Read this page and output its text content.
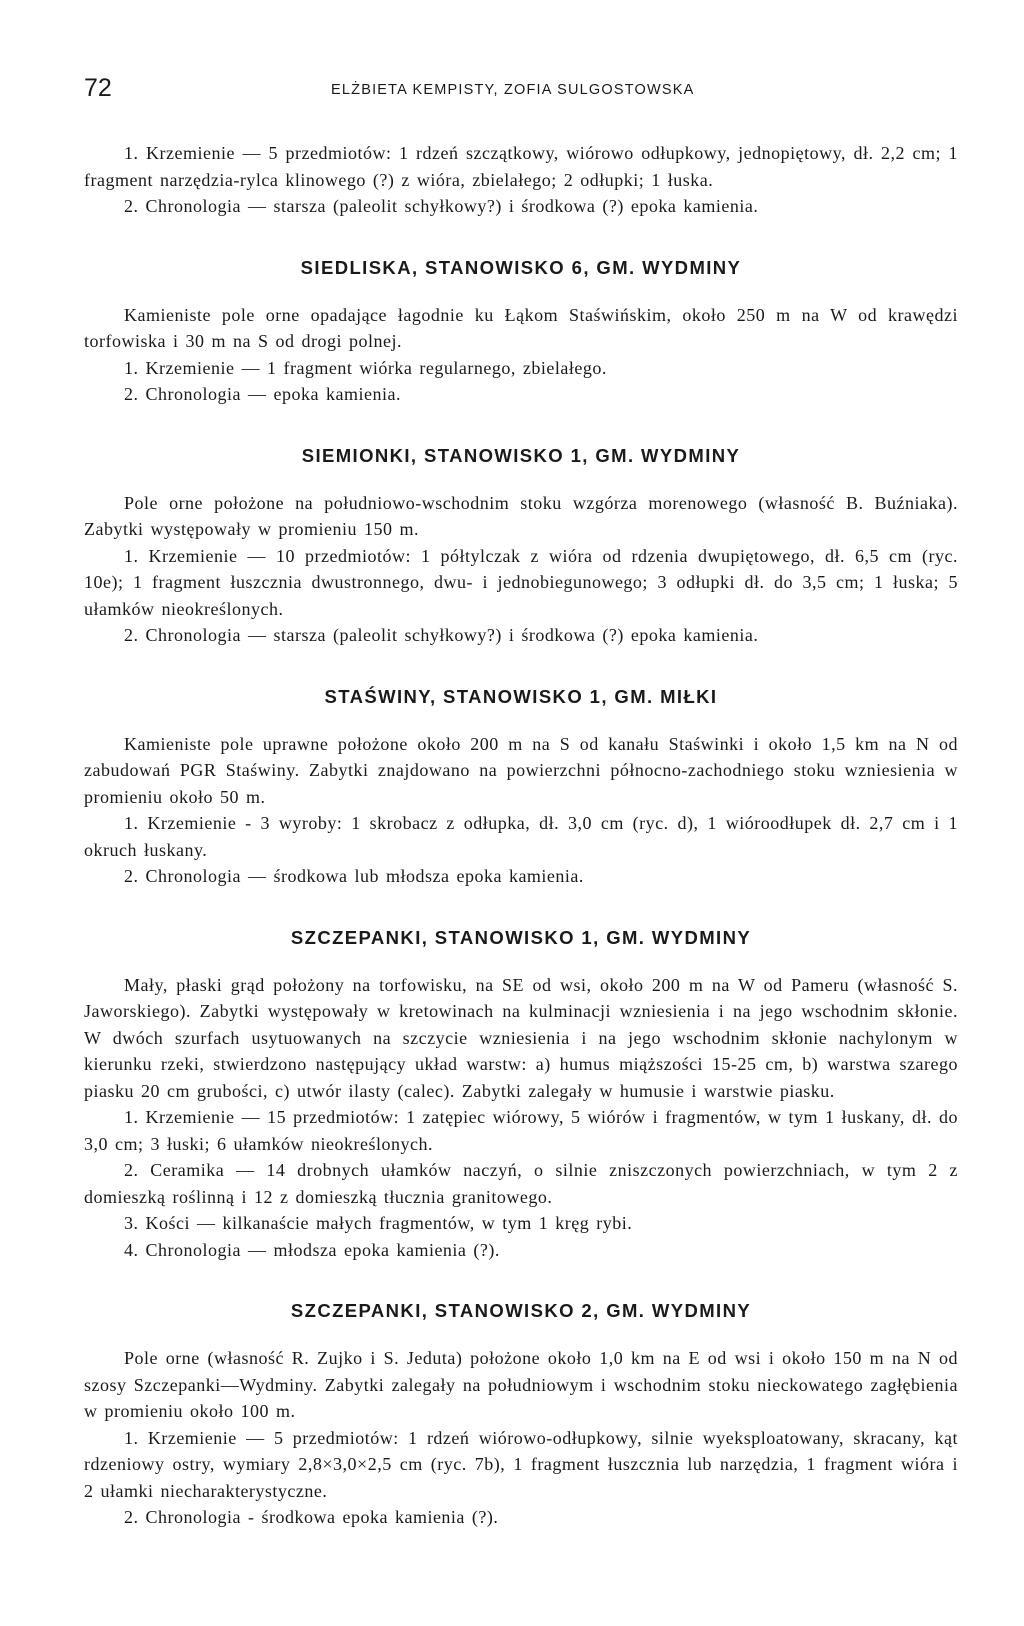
72	ELŻBIETA KEMPISTY, ZOFIA SULGOSTOWSKA

1. Krzemienie — 5 przedmiotów: 1 rdzeń szczątkowy, wiórowo odłupkowy, jednopiętowy, dł. 2,2 cm; 1 fragment narzędzia-rylca klinowego (?) z wióra, zbielałego; 2 odłupki; 1 łuska.

2. Chronologia — starsza (paleolit schyłkowy?) i środkowa (?) epoka kamienia.

SIEDLISKA, STANOWISKO 6, GM. WYDMINY

Kamieniste pole orne opadające łagodnie ku Łąkom Staświńskim, około 250 m na W od krawędzi torfowiska i 30 m na S od drogi polnej.

1. Krzemienie — 1 fragment wiórka regularnego, zbielałego.

2. Chronologia — epoka kamienia.

SIEMIONKI, STANOWISKO 1, GM. WYDMINY

Pole orne położone na południowo-wschodnim stoku wzgórza morenowego (własność B. Buźniaka). Zabytki występowały w promieniu 150 m.

1. Krzemienie — 10 przedmiotów: 1 półtylczak z wióra od rdzenia dwupiętowego, dł. 6,5 cm (ryc. 10e); 1 fragment łuszcznia dwustronnego, dwu- i jednobiegunowego; 3 odłupki dł. do 3,5 cm; 1 łuska; 5 ułamków nieokreślonych.

2. Chronologia — starsza (paleolit schyłkowy?) i środkowa (?) epoka kamienia.

STAŚWINY, STANOWISKO 1, GM. MIŁKI

Kamieniste pole uprawne położone około 200 m na S od kanału Staświnki i około 1,5 km na N od zabudowań PGR Staświny. Zabytki znajdowano na powierzchni północno-zachodniego stoku wzniesienia w promieniu około 50 m.

1. Krzemienie - 3 wyroby: 1 skrobacz z odłupka, dł. 3,0 cm (ryc. d), 1 wióroodłupek dł. 2,7 cm i 1 okruch łuskany.

2. Chronologia — środkowa lub młodsza epoka kamienia.

SZCZEPANKI, STANOWISKO 1, GM. WYDMINY

Mały, płaski grąd położony na torfowisku, na SE od wsi, około 200 m na W od Pameru (własność S. Jaworskiego). Zabytki występowały w kretowinach na kulminacji wzniesienia i na jego wschodnim skłonie. W dwóch szurfach usytuowanych na szczycie wzniesienia i na jego wschodnim skłonie nachylonym w kierunku rzeki, stwierdzono następujący układ warstw: a) humus miąższości 15-25 cm, b) warstwa szarego piasku 20 cm grubości, c) utwór ilasty (calec). Zabytki zalegały w humusie i warstwie piasku.

1. Krzemienie — 15 przedmiotów: 1 zatępiec wiórowy, 5 wiórów i fragmentów, w tym 1 łuskany, dł. do 3,0 cm; 3 łuski; 6 ułamków nieokreślonych.

2. Ceramika — 14 drobnych ułamków naczyń, o silnie zniszczonych powierzchniach, w tym 2 z domieszką roślinną i 12 z domieszką tłucznia granitowego.

3. Kości — kilkanaście małych fragmentów, w tym 1 kręg rybi.

4. Chronologia — młodsza epoka kamienia (?).

SZCZEPANKI, STANOWISKO 2, GM. WYDMINY

Pole orne (własność R. Zujko i S. Jeduta) położone około 1,0 km na E od wsi i około 150 m na N od szosy Szczepanki—Wydminy. Zabytki zalegały na południowym i wschodnim stoku nieckowatego zagłębienia w promieniu około 100 m.

1. Krzemienie — 5 przedmiotów: 1 rdzeń wiórowo-odłupkowy, silnie wyeksploatowany, skracany, kąt rdzeniowy ostry, wymiary 2,8×3,0×2,5 cm (ryc. 7b), 1 fragment łuszcznia lub narzędzia, 1 fragment wióra i 2 ułamki niecharakterystyczne.

2. Chronologia - środkowa epoka kamienia (?).
